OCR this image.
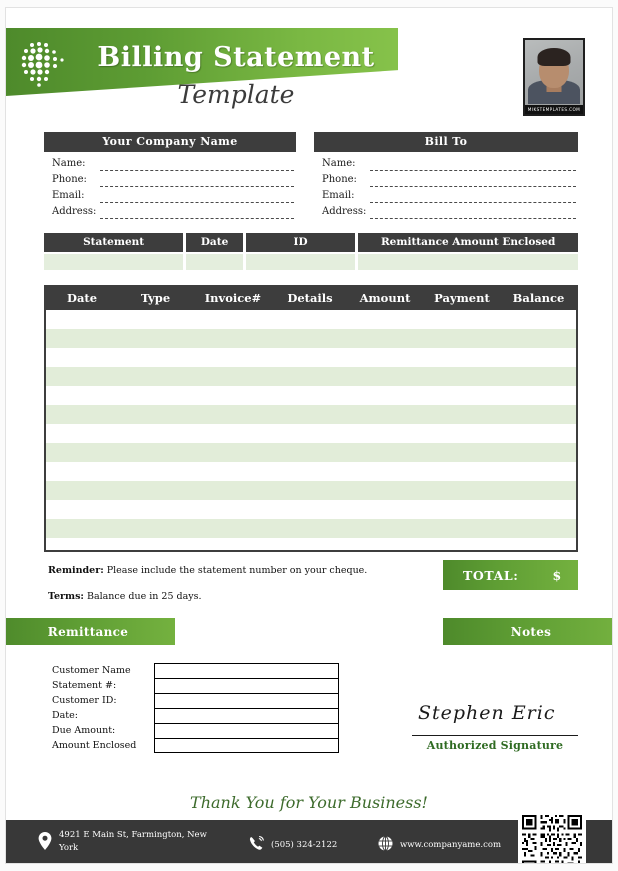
Billing Statement
Template
MIKSTEMPLATES.COM
Your Company Name
Name:
Phone:
Email:
Address:
Bill To
Name:
Phone:
Email:
Address:
Statement	Date	ID	Remittance Amount Enclosed
Date	Type	Invoice#	Details	Amount	Payment	Balance
Reminder: Please include the statement number on your cheque.
Terms: Balance due in 25 days.
TOTAL:	$
Remittance	Notes
Customer Name
Statement #:
Customer ID:
Date:
Due Amount:
Amount Enclosed
Stephen Eric
Authorized Signature
Thank You for Your Business!
4921 E Main St, Farmington, New York	(505) 324-2122	www.companyame.com
